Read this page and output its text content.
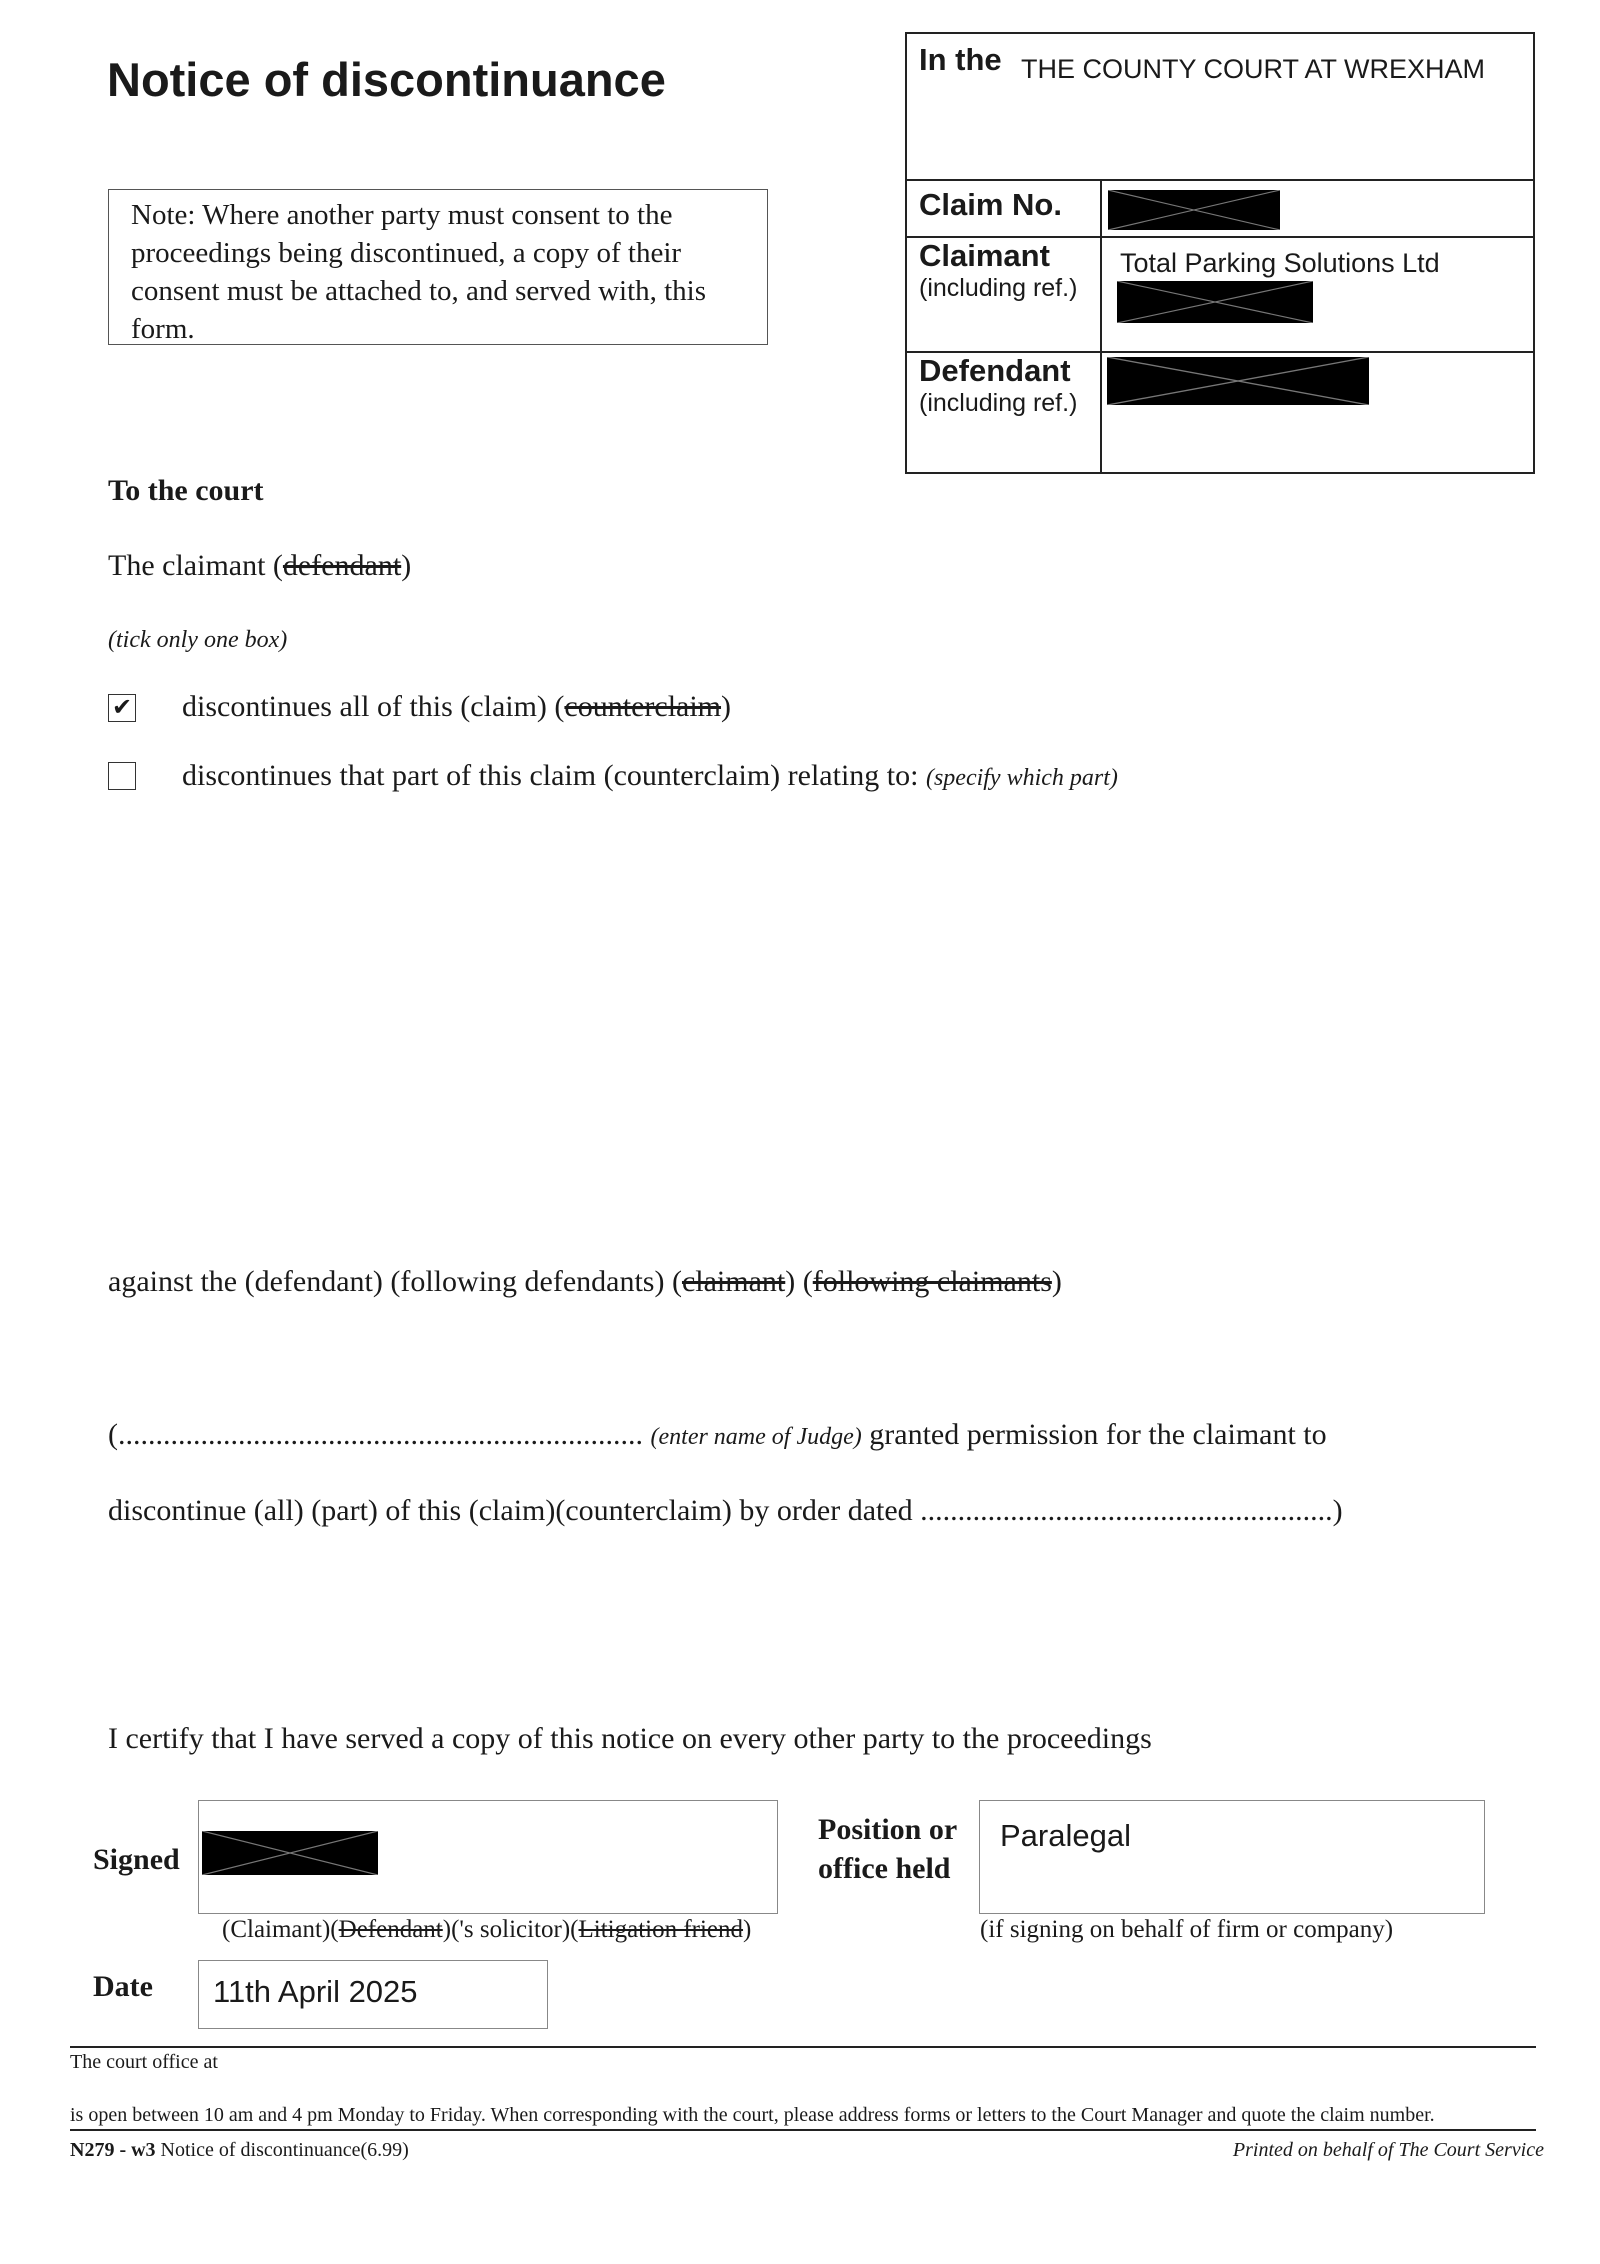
Notice of discontinuance
Note: Where another party must consent to the proceedings being discontinued, a copy of their consent must be attached to, and served with, this form.
In the THE COUNTY COURT AT WREXHAM
Claim No.
Claimant
(including ref.)
Total Parking Solutions Ltd
Defendant
(including ref.)
To the court
The claimant (defendant)
(tick only one box)
✔ discontinues all of this (claim) (counterclaim)
discontinues that part of this claim (counterclaim) relating to: (specify which part)
against the (defendant) (following defendants) (claimant) (following claimants)
(...................................................................... (enter name of Judge) granted permission for the claimant to
discontinue (all) (part) of this (claim)(counterclaim) by order dated .......................................................)
I certify that I have served a copy of this notice on every other party to the proceedings
Signed
(Claimant)(Defendant)('s solicitor)(Litigation friend)
Position or
office held
Paralegal
(if signing on behalf of firm or company)
Date	11th April 2025
The court office at
is open between 10 am and 4 pm Monday to Friday. When corresponding with the court, please address forms or letters to the Court Manager and quote the claim number.
N279 - w3 Notice of discontinuance(6.99)	Printed on behalf of The Court Service
